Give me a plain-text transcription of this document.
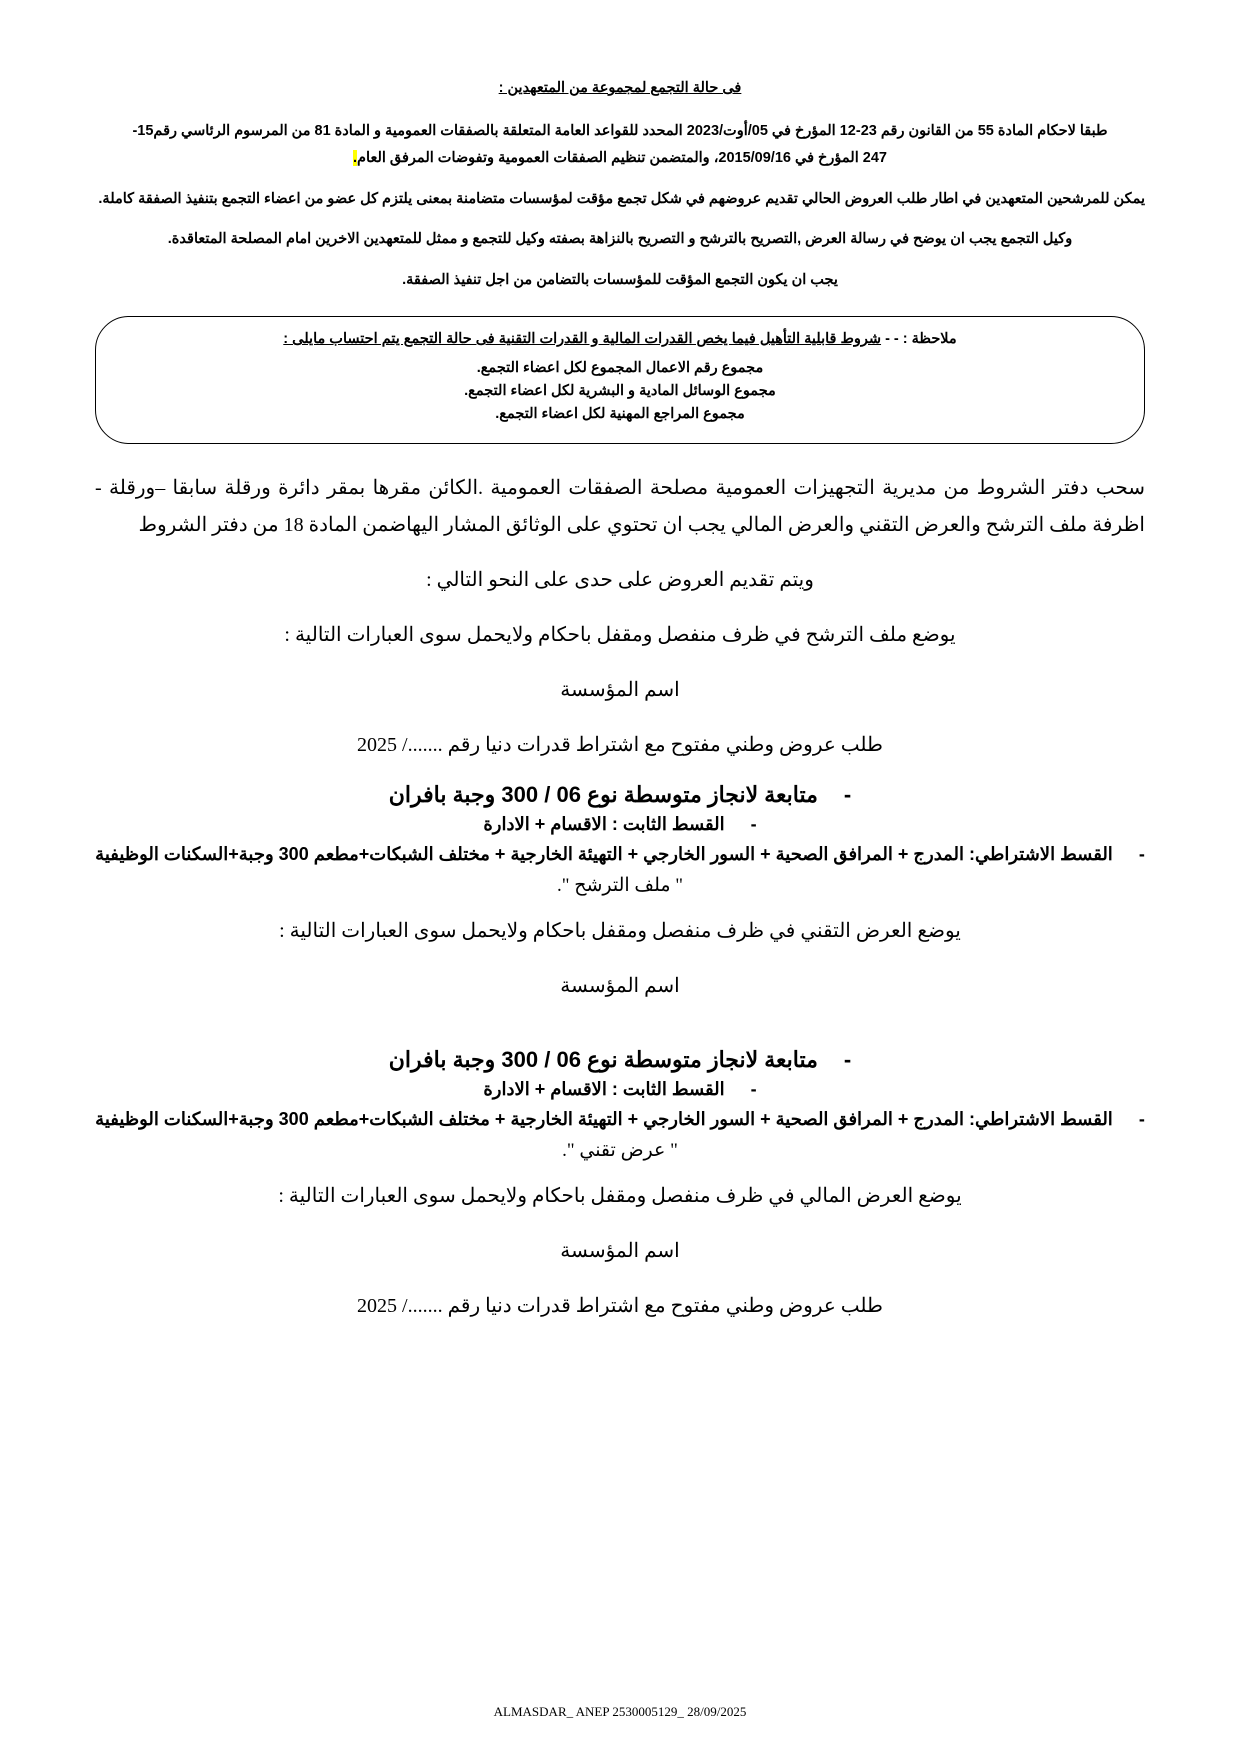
فى حالة التجمع لمجموعة من المتعهدين :

طبقا لاحكام المادة 55 من القانون رقم 23-12 المؤرخ في 05/أوت/2023 المحدد للقواعد العامة المتعلقة بالصفقات العمومية و المادة 81 من المرسوم الرئاسي رقم15-
247 المؤرخ في 2015/09/16، والمتضمن تنظيم الصفقات العمومية وتفوضات المرفق العام.

يمكن للمرشحين المتعهدين في اطار طلب العروض الحالي تقديم عروضهم في شكل تجمع مؤقت لمؤسسات متضامنة بمعنى يلتزم كل عضو من اعضاء التجمع بتنفيذ الصفقة كاملة.

وكيل التجمع يجب ان يوضح في رسالة العرض ,التصريح بالترشح و التصريح بالنزاهة بصفته وكيل للتجمع و ممثل للمتعهدين الاخرين امام المصلحة المتعاقدة.

يجب ان يكون التجمع المؤقت للمؤسسات بالتضامن من اجل تنفيذ الصفقة.

ملاحظة : - - شروط قابلية التأهيل فيما يخص القدرات المالية و القدرات التقنية فى حالة التجمع يتم احتساب مايلى :
مجموع رقم الاعمال المجموع لكل اعضاء التجمع.
مجموع الوسائل المادية و البشرية لكل اعضاء التجمع.
مجموع المراجع المهنية لكل اعضاء التجمع.

سحب دفتر الشروط من مديرية التجهيزات العمومية مصلحة الصفقات العمومية .الكائن مقرها بمقر دائرة ورقلة سابقا –ورقلة - اظرفة ملف الترشح والعرض التقني والعرض المالي يجب ان تحتوي على الوثائق المشار اليهاضمن المادة 18 من دفتر الشروط

ويتم تقديم العروض على حدى على النحو التالي :

يوضع ملف الترشح في ظرف منفصل ومقفل باحكام ولايحمل سوى العبارات التالية :

اسم المؤسسة

طلب عروض وطني مفتوح مع اشتراط قدرات دنيا رقم ......./ 2025

-متابعة لانجاز متوسطة نوع 06 / 300 وجبة بافران
-القسط الثابت : الاقسام + الادارة
-القسط الاشتراطي: المدرج + المرافق الصحية + السور الخارجي + التهيئة الخارجية + مختلف الشبكات+مطعم 300 وجبة+السكنات الوظيفية
" ملف الترشح ".

يوضع العرض التقني في ظرف منفصل ومقفل باحكام ولايحمل سوى العبارات التالية :

اسم المؤسسة

-متابعة لانجاز متوسطة نوع 06 / 300 وجبة بافران
-القسط الثابت : الاقسام + الادارة
-القسط الاشتراطي: المدرج + المرافق الصحية + السور الخارجي + التهيئة الخارجية + مختلف الشبكات+مطعم 300 وجبة+السكنات الوظيفية
" عرض تقني ".

يوضع العرض المالي في ظرف منفصل ومقفل باحكام ولايحمل سوى العبارات التالية :

اسم المؤسسة

طلب عروض وطني مفتوح مع اشتراط قدرات دنيا رقم ......./ 2025

ALMASDAR_ ANEP 2530005129_ 28/09/2025
